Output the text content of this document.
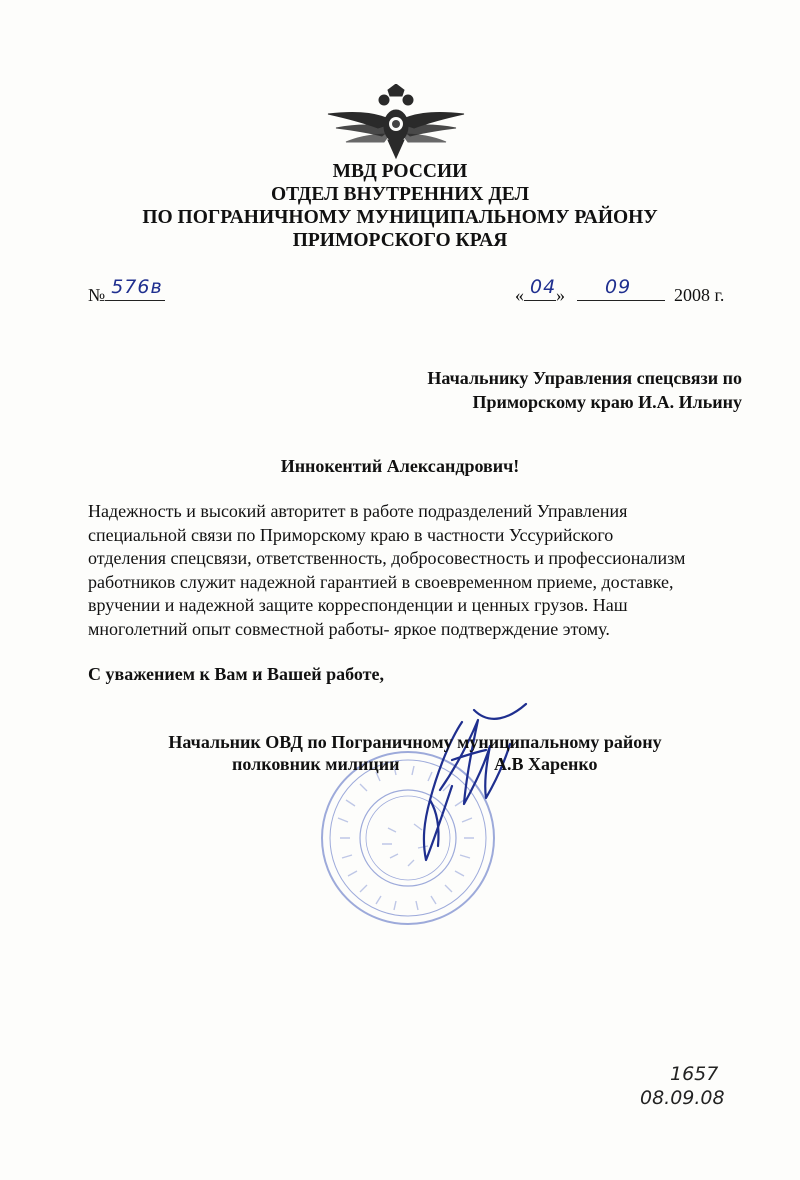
МВД РОССИИ
ОТДЕЛ ВНУТРЕННИХ ДЕЛ
ПО ПОГРАНИЧНОМУ МУНИЦИПАЛЬНОМУ РАЙОНУ
ПРИМОРСКОГО КРАЯ
№ 576в	« 04 » 09 2008 г.
Начальнику Управления спецсвязи по
Приморскому краю И.А. Ильину
Иннокентий Александрович!
Надежность и высокий авторитет в работе подразделений Управления
специальной связи по Приморскому краю в частности Уссурийского
отделения спецсвязи, ответственность, добросовестность и профессионализм
работников служит надежной гарантией в своевременном приеме, доставке,
вручении и надежной защите корреспонденции и ценных грузов. Наш
многолетний опыт совместной работы- яркое подтверждение этому.
С уважением к Вам и Вашей работе,
Начальник ОВД по Пограничному муниципальному району
полковник милиции	А.В Харенко
1657
08.09.08
